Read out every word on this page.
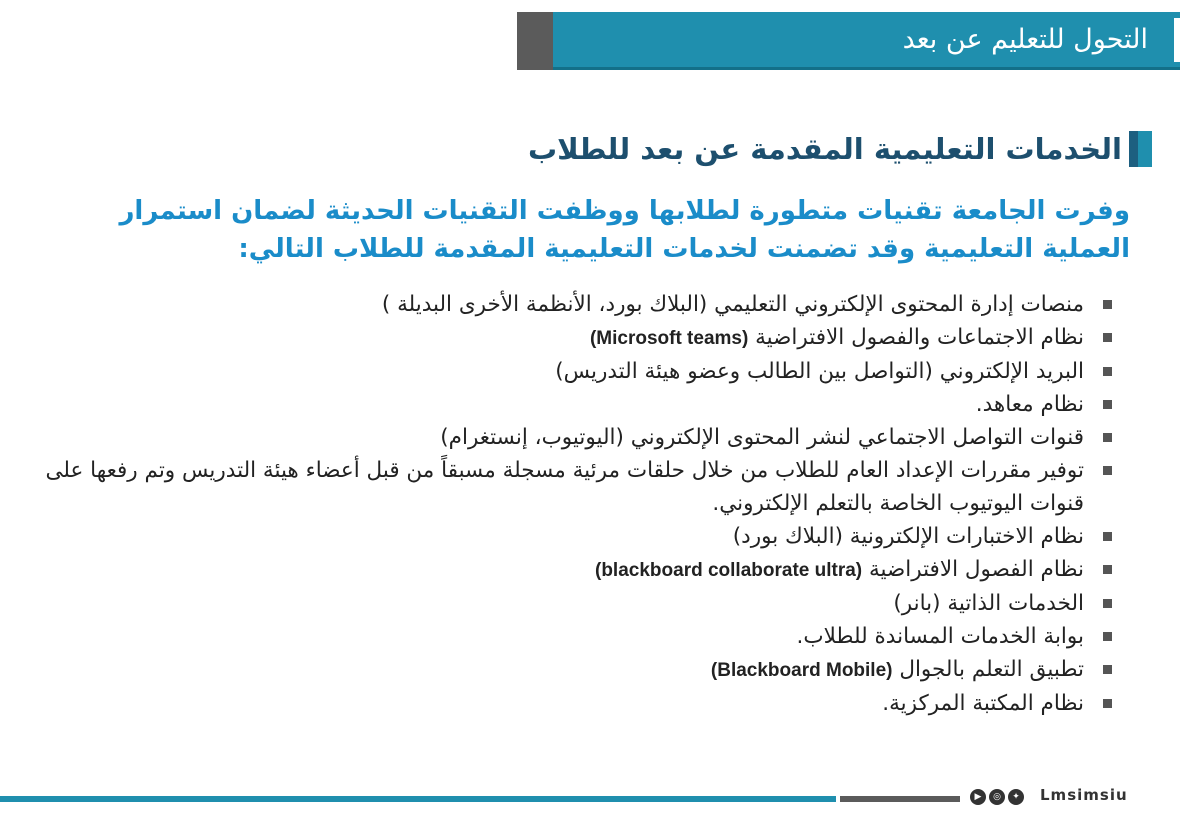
التحول للتعليم عن بعد
الخدمات التعليمية المقدمة عن بعد للطلاب
وفرت الجامعة تقنيات متطورة لطلابها ووظفت التقنيات الحديثة لضمان استمرار العملية التعليمية وقد تضمنت لخدمات التعليمية المقدمة للطلاب التالي:
منصات إدارة المحتوى الإلكتروني التعليمي (البلاك بورد، الأنظمة الأخرى البديلة )
نظام الاجتماعات والفصول الافتراضية (Microsoft teams)
البريد الإلكتروني (التواصل بين الطالب وعضو هيئة التدريس)
نظام معاهد.
قنوات التواصل الاجتماعي لنشر المحتوى الإلكتروني (اليوتيوب، إنستغرام)
توفير مقررات الإعداد العام للطلاب من خلال حلقات مرئية مسجلة مسبقاً من قبل أعضاء هيئة التدريس وتم رفعها على قنوات اليوتيوب الخاصة بالتعلم الإلكتروني.
نظام الاختبارات الإلكترونية (البلاك بورد)
نظام الفصول الافتراضية (blackboard collaborate ultra)
الخدمات الذاتية (بانر)
بوابة الخدمات المساندة للطلاب.
تطبيق التعلم بالجوال (Blackboard Mobile)
نظام المكتبة المركزية.
▶	◎	✦ Lmsimsiu
